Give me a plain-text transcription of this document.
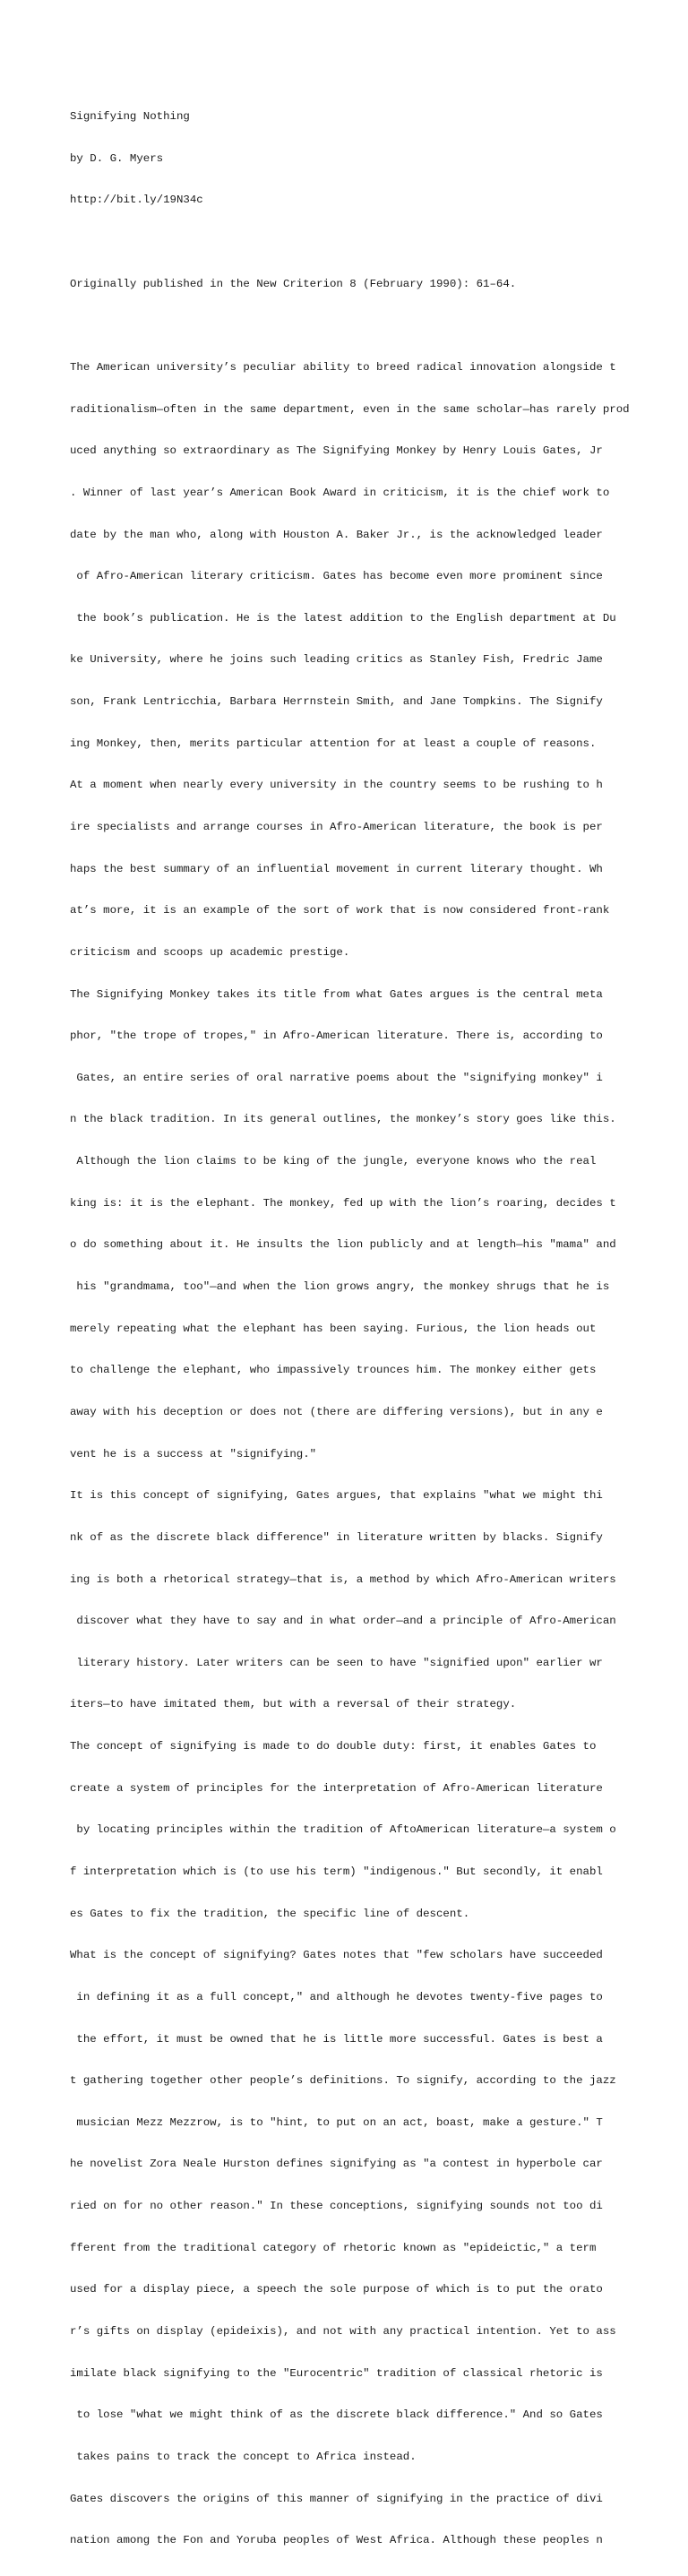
Signifying Nothing

by D. G. Myers

http://bit.ly/19N34c

Originally published in the New Criterion 8 (February 1990): 61–64.

The American university’s peculiar ability to breed radical innovation alongside t

raditionalism—often in the same department, even in the same scholar—has rarely prod

uced anything so extraordinary as The Signifying Monkey by Henry Louis Gates, Jr

. Winner of last year’s American Book Award in criticism, it is the chief work to

date by the man who, along with Houston A. Baker Jr., is the acknowledged leader

of Afro-American literary criticism. Gates has become even more prominent since

the book’s publication. He is the latest addition to the English department at Du

ke University, where he joins such leading critics as Stanley Fish, Fredric Jame

son, Frank Lentricchia, Barbara Herrnstein Smith, and Jane Tompkins. The Signify

ing Monkey, then, merits particular attention for at least a couple of reasons.

At a moment when nearly every university in the country seems to be rushing to h

ire specialists and arrange courses in Afro-American literature, the book is per

haps the best summary of an influential movement in current literary thought. Wh

at’s more, it is an example of the sort of work that is now considered front-rank

criticism and scoops up academic prestige.

The Signifying Monkey takes its title from what Gates argues is the central meta

phor, "the trope of tropes," in Afro-American literature. There is, according to

Gates, an entire series of oral narrative poems about the "signifying monkey" i

n the black tradition. In its general outlines, the monkey’s story goes like this.

Although the lion claims to be king of the jungle, everyone knows who the real

king is: it is the elephant. The monkey, fed up with the lion’s roaring, decides t

o do something about it. He insults the lion publicly and at length—his "mama" and

his "grandmama, too"—and when the lion grows angry, the monkey shrugs that he is

merely repeating what the elephant has been saying. Furious, the lion heads out

to challenge the elephant, who impassively trounces him. The monkey either gets

away with his deception or does not (there are differing versions), but in any e

vent he is a success at "signifying."

It is this concept of signifying, Gates argues, that explains "what we might thi

nk of as the discrete black difference" in literature written by blacks. Signify

ing is both a rhetorical strategy—that is, a method by which Afro-American writers

discover what they have to say and in what order—and a principle of Afro-American

literary history. Later writers can be seen to have "signified upon" earlier wr

iters—to have imitated them, but with a reversal of their strategy.

The concept of signifying is made to do double duty: first, it enables Gates to

create a system of principles for the interpretation of Afro-American literature

by locating principles within the tradition of AftoAmerican literature—a system o

f interpretation which is (to use his term) "indigenous." But secondly, it enabl

es Gates to fix the tradition, the specific line of descent.

What is the concept of signifying? Gates notes that "few scholars have succeeded

in defining it as a full concept," and although he devotes twenty-five pages to

the effort, it must be owned that he is little more successful. Gates is best a

t gathering together other people’s definitions. To signify, according to the jazz

musician Mezz Mezzrow, is to "hint, to put on an act, boast, make a gesture." T

he novelist Zora Neale Hurston defines signifying as "a contest in hyperbole car

ried on for no other reason." In these conceptions, signifying sounds not too di

fferent from the traditional category of rhetoric known as "epideictic," a term

used for a display piece, a speech the sole purpose of which is to put the orato

r’s gifts on display (epideixis), and not with any practical intention. Yet to ass

imilate black signifying to the "Eurocentric" tradition of classical rhetoric is

to lose "what we might think of as the discrete black difference." And so Gates

takes pains to track the concept to Africa instead.

Gates discovers the origins of this manner of signifying in the practice of divi

nation among the Fon and Yoruba peoples of West Africa. Although these peoples n
